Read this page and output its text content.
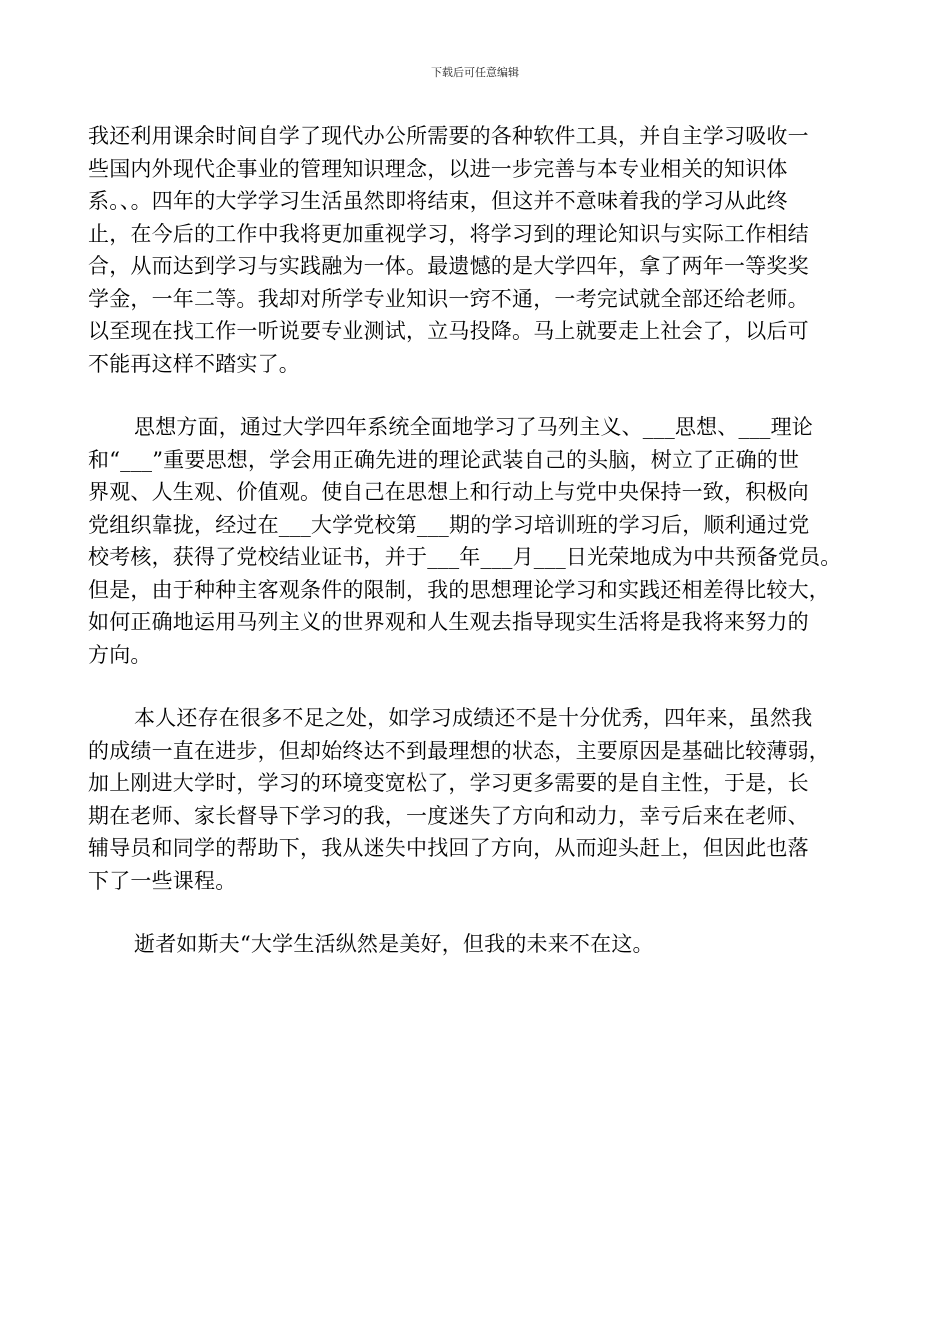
下载后可任意编辑
我还利用课余时间自学了现代办公所需要的各种软件工具，并自主学习吸收一
些国内外现代企事业的管理知识理念，以进一步完善与本专业相关的知识体
系。、。四年的大学学习生活虽然即将结束，但这并不意味着我的学习从此终
止，在今后的工作中我将更加重视学习，将学习到的理论知识与实际工作相结
合，从而达到学习与实践融为一体。最遗憾的是大学四年，拿了两年一等奖奖
学金，一年二等。我却对所学专业知识一窍不通，一考完试就全部还给老师。
以至现在找工作一听说要专业测试，立马投降。马上就要走上社会了，以后可
不能再这样不踏实了。
思想方面，通过大学四年系统全面地学习了马列主义、___思想、___理论
和“___”重要思想，学会用正确先进的理论武装自己的头脑，树立了正确的世
界观、人生观、价值观。使自己在思想上和行动上与党中央保持一致，积极向
党组织靠拢，经过在___大学党校第___期的学习培训班的学习后，顺利通过党
校考核，获得了党校结业证书，并于___年___月___日光荣地成为中共预备党员。
但是，由于种种主客观条件的限制，我的思想理论学习和实践还相差得比较大，
如何正确地运用马列主义的世界观和人生观去指导现实生活将是我将来努力的
方向。
本人还存在很多不足之处，如学习成绩还不是十分优秀，四年来，虽然我
的成绩一直在进步，但却始终达不到最理想的状态，主要原因是基础比较薄弱，
加上刚进大学时，学习的环境变宽松了，学习更多需要的是自主性，于是，长
期在老师、家长督导下学习的我，一度迷失了方向和动力，幸亏后来在老师、
辅导员和同学的帮助下，我从迷失中找回了方向，从而迎头赶上，但因此也落
下了一些课程。
逝者如斯夫“大学生活纵然是美好，但我的未来不在这。
